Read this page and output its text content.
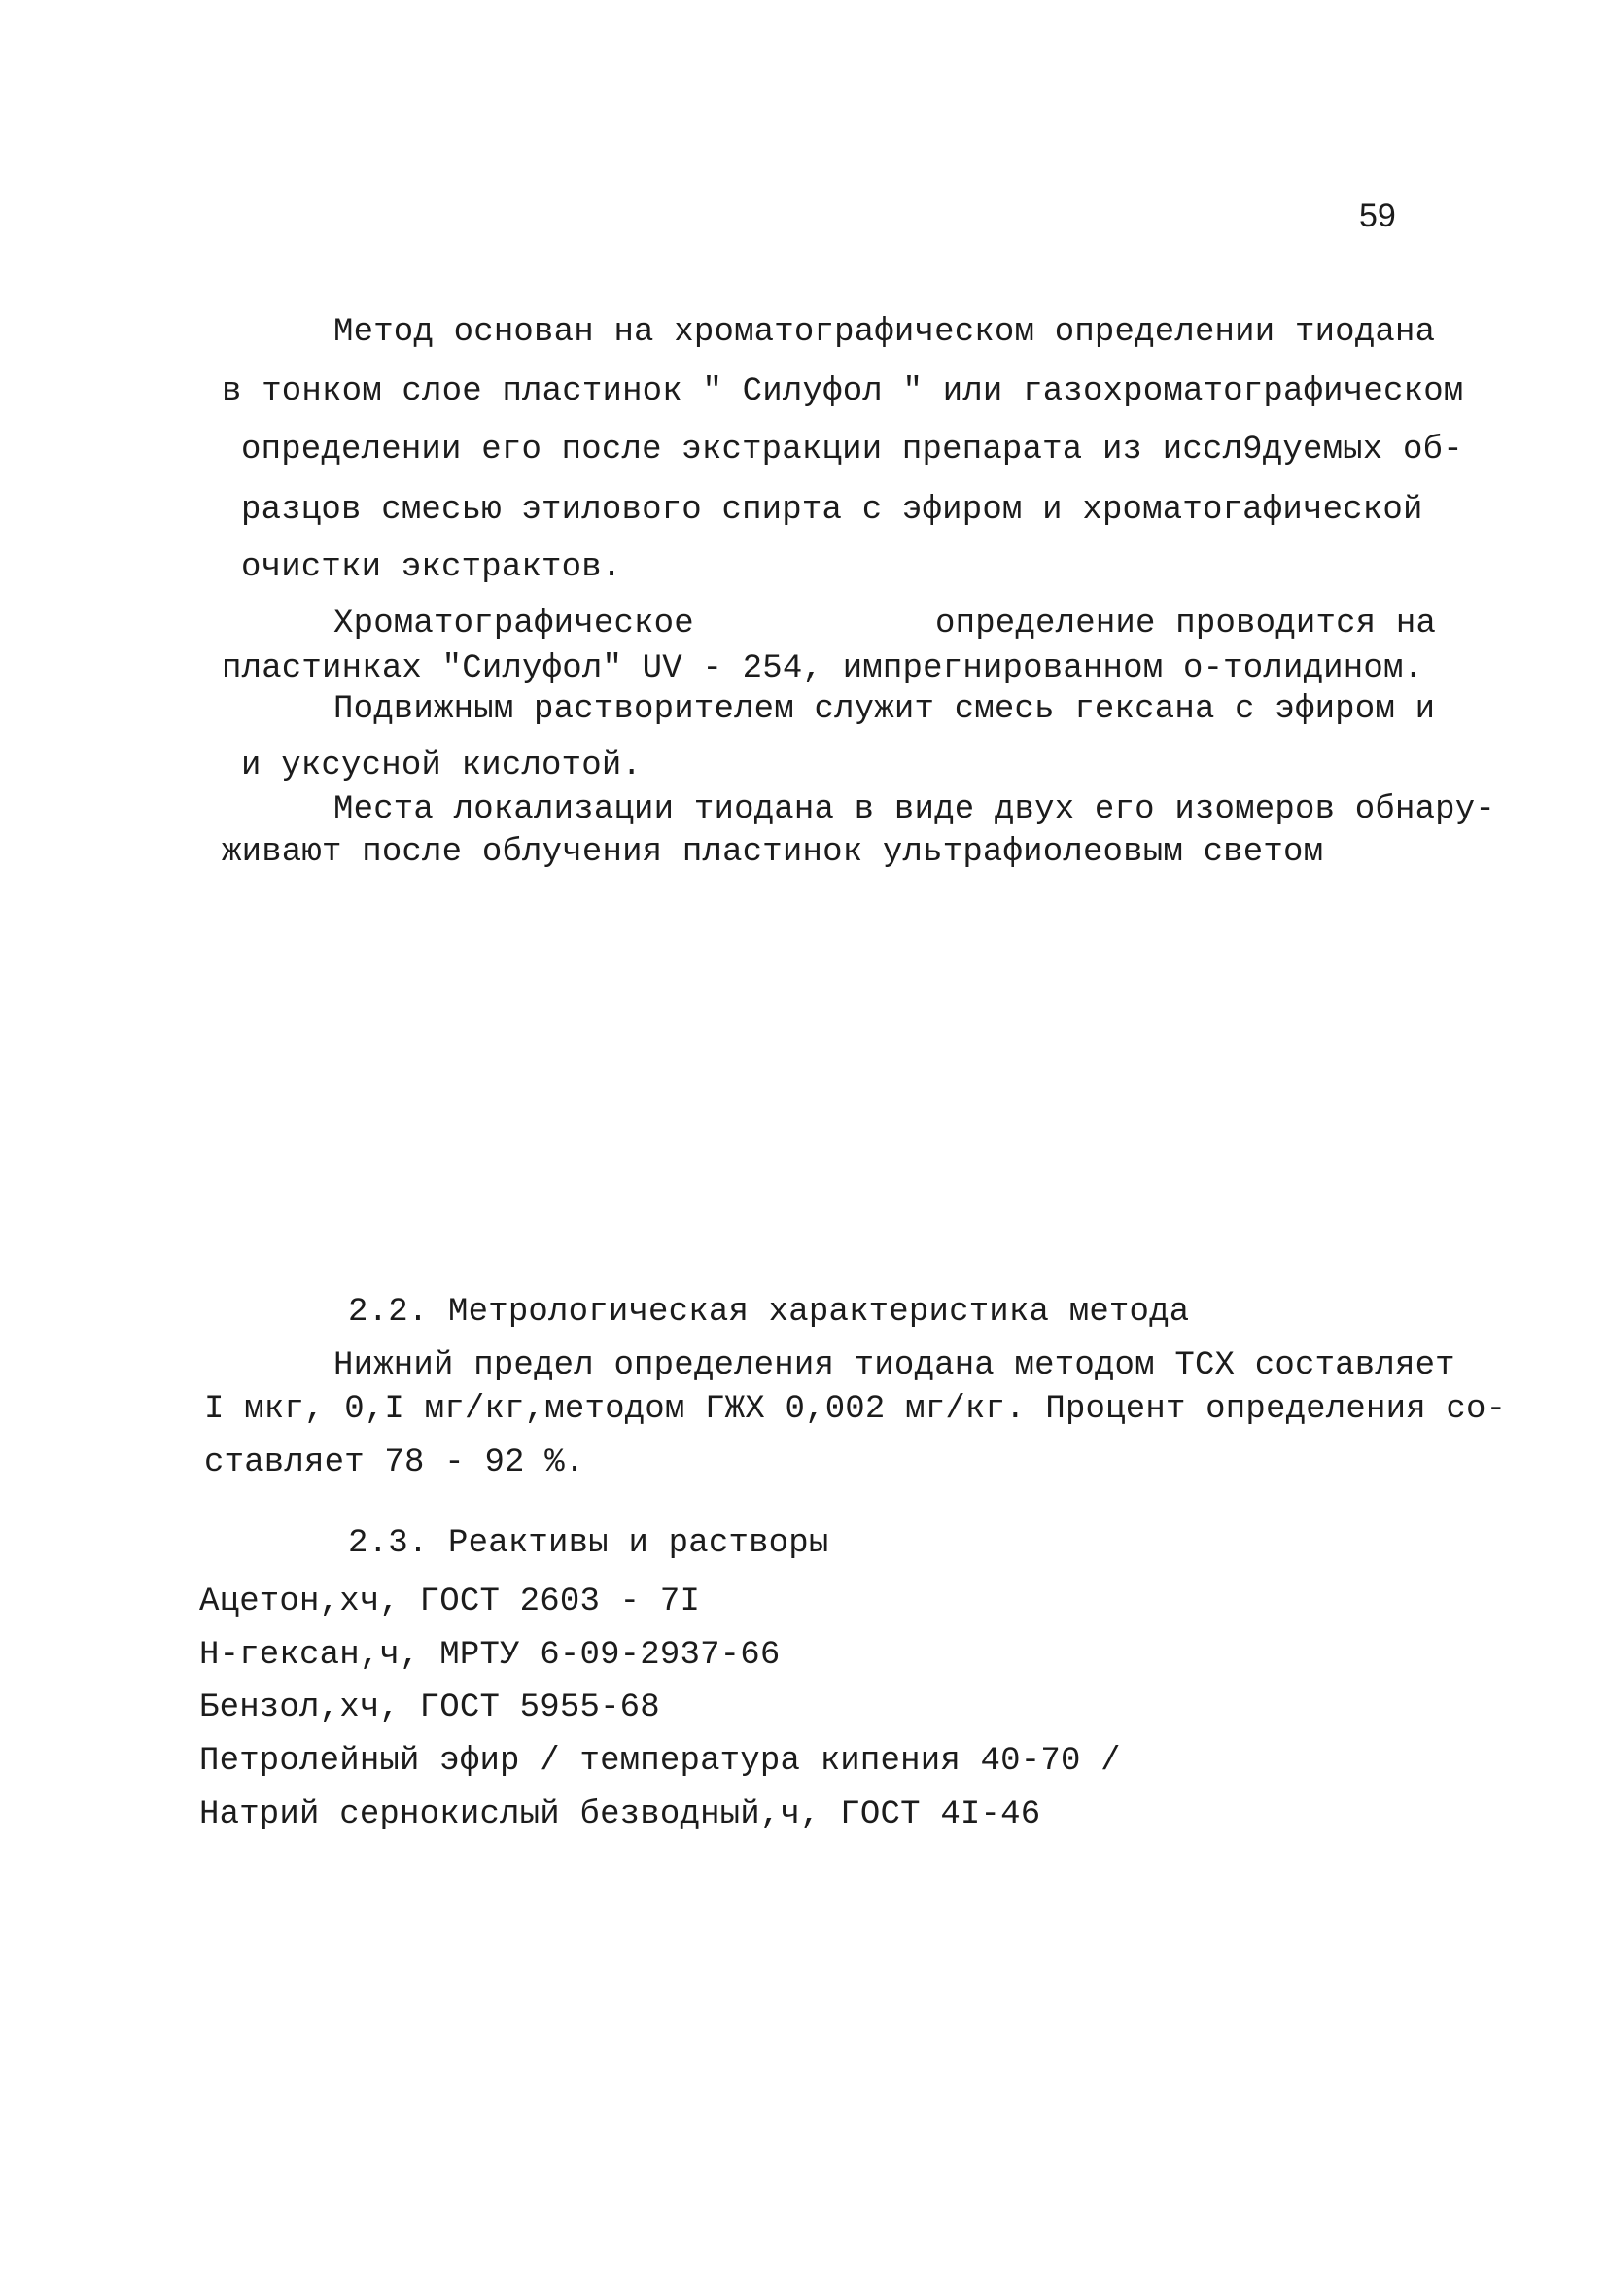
59
Метод основан на хроматографическом определении тиодана
в тонком слое пластинок " Силуфол " или газохроматографическом
определении его после экстракции препарата из иссл9дуемых об-
разцов смесью этилового спирта с эфиром и хроматогафической
очистки экстрактов.
Хроматографическое	определение проводится на
пластинках "Силуфол" UV - 254, импрегнированном о-толидином.
Подвижным растворителем служит смесь гексана с эфиром и
и уксусной кислотой.
Места локализации тиодана в виде двух его изомеров обнару-
живают после облучения пластинок ультрафиолеовым светом
2.2. Метрологическая характеристика метода
Нижний предел определения тиодана методом ТСХ составляет
I мкг, 0,I мг/кг,методом ГЖХ 0,002 мг/кг. Процент определения со-
ставляет 78 - 92 %.
2.3. Реактивы и растворы
Ацетон,хч, ГОСТ 2603 - 7I
Н-гексан,ч, МРТУ 6-09-2937-66
Бензол,хч, ГОСТ 5955-68
Петролейный эфир / температура кипения 40-70 /
Натрий сернокислый безводный,ч, ГОСТ 4I-46
